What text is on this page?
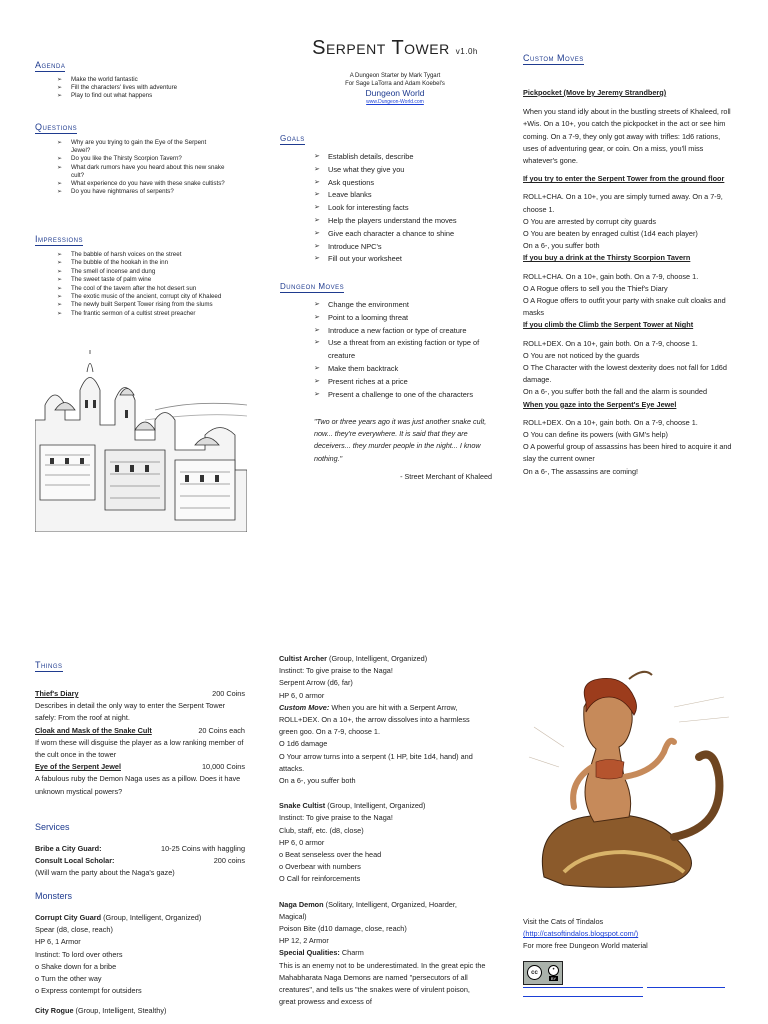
Agenda
➢ Make the world fantastic
➢ Fill the characters' lives with adventure
➢ Play to find out what happens
Questions
➢ Why are you trying to gain the Eye of the Serpent Jewel?
➢ Do you like the Thirsty Scorpion Tavern?
➢ What dark rumors have you heard about this new snake cult?
➢ What experience do you have with these snake cultists?
➢ Do you have nightmares of serpents?
Impressions
➢ The babble of harsh voices on the street
➢ The bubble of the hookah in the inn
➢ The smell of incense and dung
➢ The sweet taste of palm wine
➢ The cool of the tavern after the hot desert sun
➢ The exotic music of the ancient, corrupt city of Khaleed
➢ The newly built Serpent Tower rising from the slums
➢ The frantic sermon of a cultist street preacher
Serpent Tower v1.0h
A Dungeon Starter by Mark Tygart
For Sage LaTorra and Adam Koebel's
Dungeon World
www.Dungeon-World.com
Goals
➢ Establish details, describe
➢ Use what they give you
➢ Ask questions
➢ Leave blanks
➢ Look for interesting facts
➢ Help the players understand the moves
➢ Give each character a chance to shine
➢ Introduce NPC's
➢ Fill out your worksheet
Dungeon Moves
➢ Change the environment
➢ Point to a looming threat
➢ Introduce a new faction or type of creature
➢ Use a threat from an existing faction or type of creature
➢ Make them backtrack
➢ Present riches at a price
➢ Present a challenge to one of the characters
"Two or three years ago it was just another snake cult, now... they're everywhere. It is said that they are deceivers... they murder people in the night... I know nothing."
- Street Merchant of Khaleed
Custom Moves
Pickpocket (Move by Jeremy Strandberg)
When you stand idly about in the bustling streets of Khaleed, roll +Wis. On a 10+, you catch the pickpocket in the act or see him coming. On a 7-9, they only got away with trifles: 1d6 rations, uses of adventuring gear, or coin. On a miss, you'll miss whatever's gone.
If you try to enter the Serpent Tower from the ground floor
ROLL+CHA. On a 10+, you are simply turned away. On a 7-9, choose 1.
O You are arrested by corrupt city guards
O You are beaten by enraged cultist (1d4 each player)
On a 6-, you suffer both
If you buy a drink at the Thirsty Scorpion Tavern
ROLL+CHA. On a 10+, gain both. On a 7-9, choose 1.
O A Rogue offers to sell you the Thief's Diary
O A Rogue offers to outfit your party with snake cult cloaks and masks
If you climb the Climb the Serpent Tower at Night
ROLL+DEX. On a 10+, gain both. On a 7-9, choose 1.
O You are not noticed by the guards
O The Character with the lowest dexterity does not fall for 1d6d damage.
On a 6-, you suffer both the fall and the alarm is sounded
When you gaze into the Serpent's Eye Jewel
ROLL+DEX. On a 10+, gain both. On a 7-9, choose 1.
O You can define its powers (with GM's help)
O A powerful group of assassins has been hired to acquire it and slay the current owner
On a 6-, The assassins are coming!
Things
Thief's Diary	200 Coins
Describes in detail the only way to enter the Serpent Tower safely: From the roof at night.
Cloak and Mask of the Snake Cult	20 Coins each
If worn these will disguise the player as a low ranking member of the cult once in the tower
Eye of the Serpent Jewel	10,000 Coins
A fabulous ruby the Demon Naga uses as a pillow. Does it have unknown mystical powers?
Services
Bribe a City Guard:	10-25 Coins with haggling
Consult Local Scholar:	200 coins
(Will warn the party about the Naga's gaze)
Monsters
Corrupt City Guard (Group, Intelligent, Organized)
Spear (d8, close, reach)
HP 6, 1 Armor
Instinct: To lord over others
o Shake down for a bribe
o Turn the other way
o Express contempt for outsiders
City Rogue (Group, Intelligent, Stealthy)
Cultist Archer (Group, Intelligent, Organized)
Instinct: To give praise to the Naga!
Serpent Arrow (d6, far)
HP 6, 0 armor
Custom Move: When you are hit with a Serpent Arrow, ROLL+DEX. On a 10+, the arrow dissolves into a harmless green goo. On a 7-9, choose 1.
O 1d6 damage
O Your arrow turns into a serpent (1 HP, bite 1d4, hand) and attacks.
On a 6-, you suffer both
Snake Cultist (Group, Intelligent, Organized)
Instinct: To give praise to the Naga!
Club, staff, etc. (d8, close)
HP 6, 0 armor
o Beat senseless over the head
o Overbear with numbers
O Call for reinforcements
Naga Demon (Solitary, Intelligent, Organized, Hoarder, Magical)
Poison Bite (d10 damage, close, reach)
HP 12, 2 Armor
Special Qualities: Charm
This is an enemy not to be underestimated. In the great epic the Mahabharata Naga Demons are named "persecutors of all creatures", and tells us "the snakes were of virulent poison, great prowess and excess of
Visit the Cats of Tindalos
(http://catsoftindalos.blogspot.com/)
For more free Dungeon World material
cc	•
BY
